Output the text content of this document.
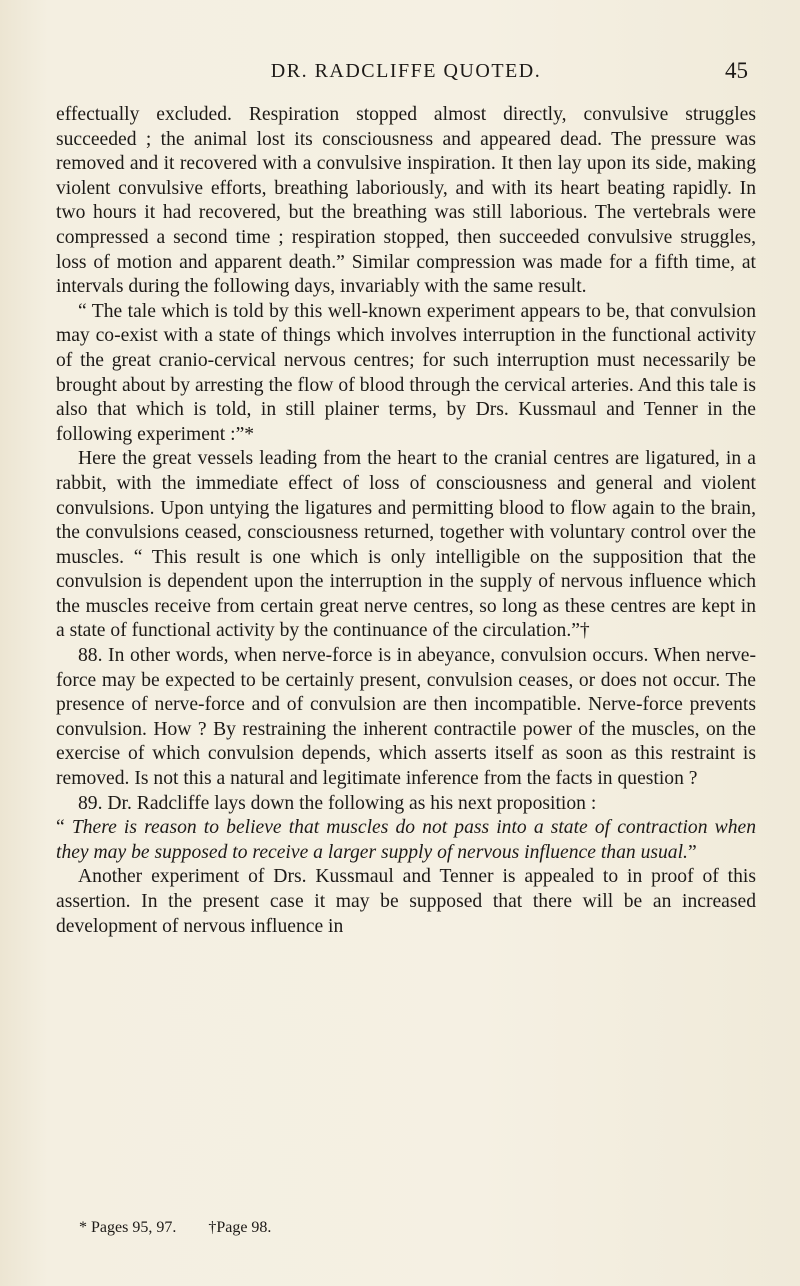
DR. RADCLIFFE QUOTED.	45

effectually excluded. Respiration stopped almost directly, convulsive struggles succeeded ; the animal lost its consciousness and appeared dead. The pressure was removed and it recovered with a convulsive inspiration. It then lay upon its side, making violent convulsive efforts, breathing laboriously, and with its heart beating rapidly. In two hours it had recovered, but the breathing was still laborious. The vertebrals were compressed a second time ; respiration stopped, then succeeded convulsive struggles, loss of motion and apparent death.” Similar compression was made for a fifth time, at intervals during the following days, invariably with the same result.

“ The tale which is told by this well-known experiment appears to be, that convulsion may co-exist with a state of things which involves interruption in the functional activity of the great cranio-cervical nervous centres; for such interruption must necessarily be brought about by arresting the flow of blood through the cervical arteries. And this tale is also that which is told, in still plainer terms, by Drs. Kussmaul and Tenner in the following experiment :”*

Here the great vessels leading from the heart to the cranial centres are ligatured, in a rabbit, with the immediate effect of loss of consciousness and general and violent convulsions. Upon untying the ligatures and permitting blood to flow again to the brain, the convulsions ceased, consciousness returned, together with voluntary control over the muscles. “ This result is one which is only intelligible on the supposition that the convulsion is dependent upon the interruption in the supply of nervous influence which the muscles receive from certain great nerve centres, so long as these centres are kept in a state of functional activity by the continuance of the circulation.”†

88. In other words, when nerve-force is in abeyance, convulsion occurs. When nerve-force may be expected to be certainly present, convulsion ceases, or does not occur. The presence of nerve-force and of convulsion are then incompatible. Nerve-force prevents convulsion. How ? By restraining the inherent contractile power of the muscles, on the exercise of which convulsion depends, which asserts itself as soon as this restraint is removed. Is not this a natural and legitimate inference from the facts in question ?

89. Dr. Radcliffe lays down the following as his next proposition :
“ There is reason to believe that muscles do not pass into a state of contraction when they may be supposed to receive a larger supply of nervous influence than usual.”

Another experiment of Drs. Kussmaul and Tenner is appealed to in proof of this assertion. In the present case it may be supposed that there will be an increased development of nervous influence in

* Pages 95, 97. †Page 98.
